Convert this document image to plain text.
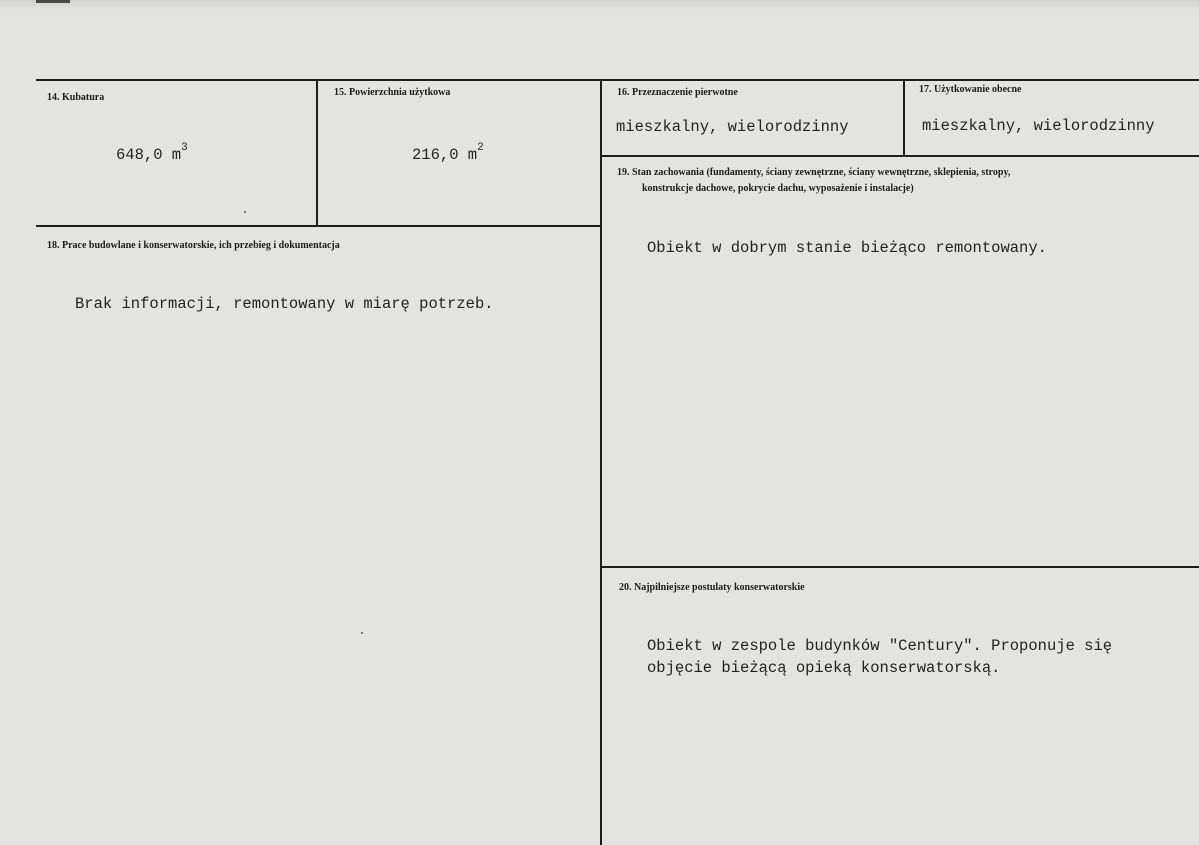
14. Kubatura
648,0 $m^3$
15. Powierzchnia użytkowa
216,0 $m^2$
16. Przeznaczenie pierwotne
mieszkalny, wielorodzinny
17. Użytkowanie obecne
mieszkalny, wielorodzinny
18. Prace budowlane i konserwatorskie, ich przebieg i dokumentacja
Brak informacji, remontowany w miarę potrzeb.
19. Stan zachowania (fundamenty, ściany zewnętrzne, ściany wewnętrzne, sklepienia, stropy,
konstrukcje dachowe, pokrycie dachu, wyposażenie i instalacje)
Obiekt w dobrym stanie bieżąco remontowany.
20. Najpilniejsze postulaty konserwatorskie
Obiekt w zespole budynków "Century". Proponuje się
objęcie bieżącą opieką konserwatorską.
